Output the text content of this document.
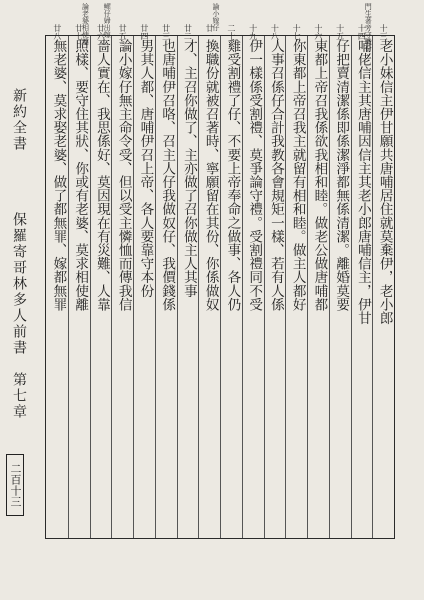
新約全書
保羅寄哥林多人前書
第七章
二百十三
老小妹信主伊甘願共唐哺居住就莫棄伊，老小郎
哺佬信主其唐哺因信主其老小郎唐哺信主，伊甘
仔把賣清潔係即係潔淨都無係清潔。離婚莫要
東都上帝召我係欲我相和睦。做老公做唐哺都
你東都上帝召我主就留有相和睦。做主人都好
人事召係仔合計我教各會規矩一樣、若有人係
伊一樣係受割禮、莫爭論守禮。受割禮同不受
雞受割禮了仔、不要上帝奉命之做事、各人仍
換職份就被召著時、寧願留在其份、你係做奴
才、主召你做了、主亦做了召你做主人其事
也唐哺伊召咯、召主人仔我做奴仔、我價錢係
男其人都、唐哺伊召上帝、各人要靠守本份
論小嫁仔無主命令受、但以受主憐恤而傳我信
嗇人實在、我思係好、莫因現在有災難、人靠
照樣、要守住其狀、你或有老婆、莫求相使離
無老婆、莫求娶老婆、做了都無罪、嫁都無罪
十三
十四
十五
十六
十七
十八
十九
二十
廿一
廿二
廿三
廿四
廿五
廿六
廿七
廿八	門生著旁守職份
論小嫁仔
鳏仔婦出嫁
論老婆相使離
